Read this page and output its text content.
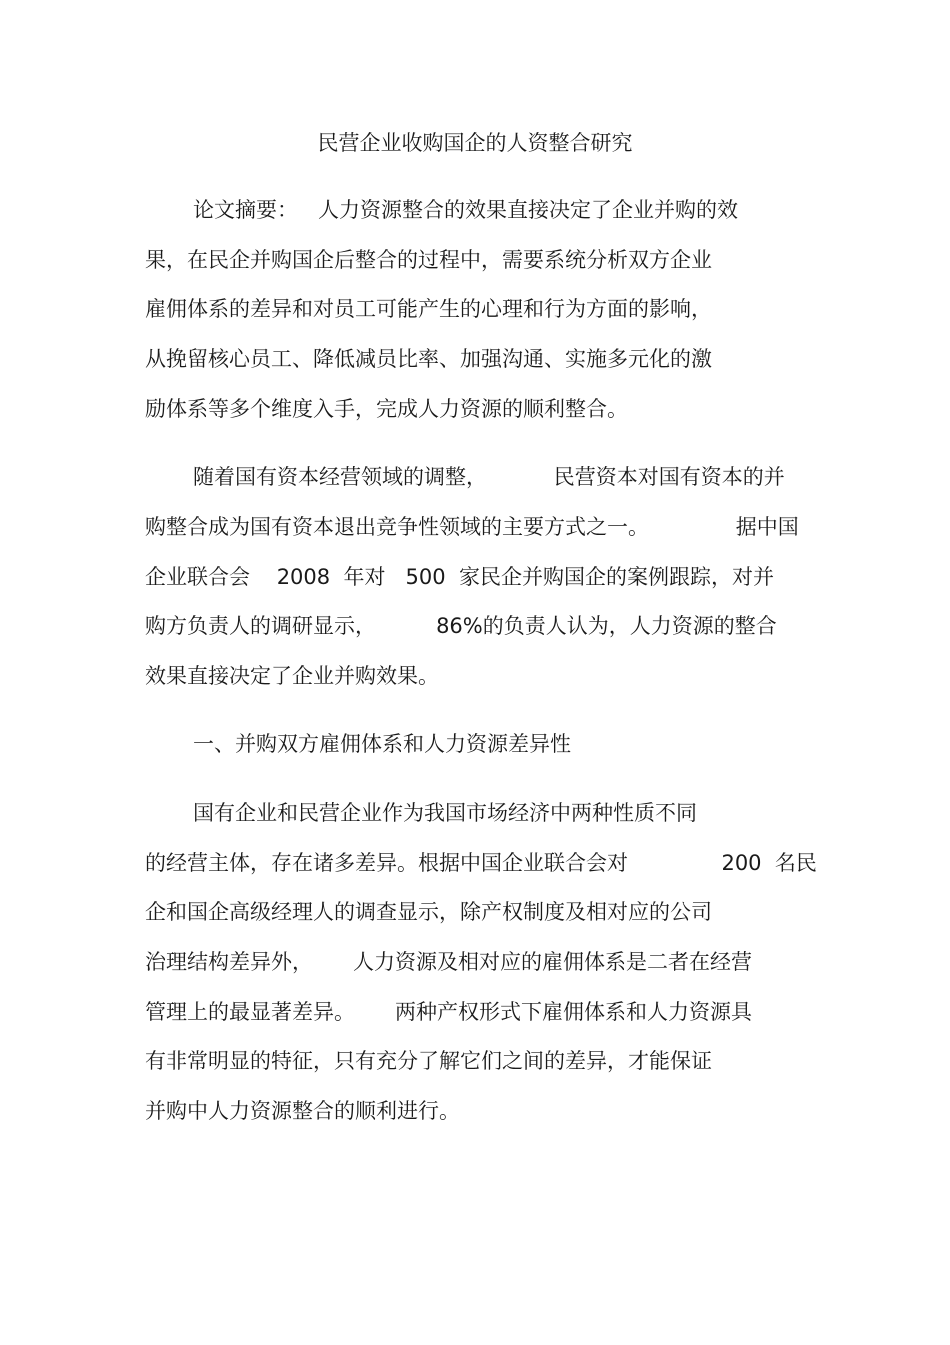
民营企业收购国企的人资整合研究
论文摘要：   人力资源整合的效果直接决定了企业并购的效
果，在民企并购国企后整合的过程中，需要系统分析双方企业
雇佣体系的差异和对员工可能产生的心理和行为方面的影响，
从挽留核心员工、降低减员比率、加强沟通、实施多元化的激
励体系等多个维度入手，完成人力资源的顺利整合。
随着国有资本经营领域的调整，          民营资本对国有资本的并
购整合成为国有资本退出竞争性领域的主要方式之一。             据中国
企业联合会    2008  年对   500  家民企并购国企的案例跟踪，对并
购方负责人的调研显示，         86%的负责人认为，人力资源的整合
效果直接决定了企业并购效果。
一、并购双方雇佣体系和人力资源差异性
国有企业和民营企业作为我国市场经济中两种性质不同
的经营主体，存在诸多差异。根据中国企业联合会对              200  名民
企和国企高级经理人的调查显示，除产权制度及相对应的公司
治理结构差异外，      人力资源及相对应的雇佣体系是二者在经营
管理上的最显著差异。      两种产权形式下雇佣体系和人力资源具
有非常明显的特征，只有充分了解它们之间的差异，才能保证
并购中人力资源整合的顺利进行。
